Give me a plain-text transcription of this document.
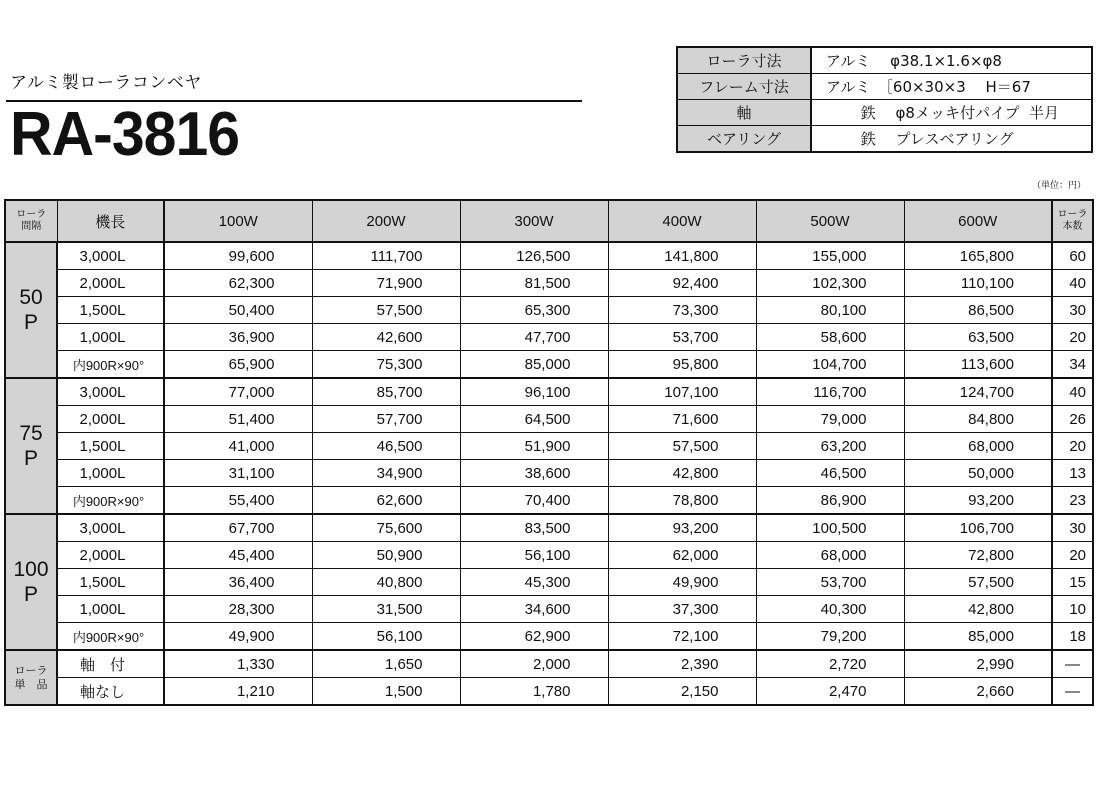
アルミ製ローラコンベヤ
RA-3816
ローラ寸法	アルミ　 φ38.1×1.6×φ8
フレーム寸法	アルミ　［60×30×3　 H＝67
軸	　　 鉄　 φ8メッキ付パイプ  半月
ベアリング	　　 鉄　 プレスベアリング
（単位：円）
ローラ
間隔	機長	100W	200W	300W	400W	500W	600W	ローラ
本数
50
P	3,000L	99,600	111,700	126,500	141,800	155,000	165,800	60
	2,000L	62,300	71,900	81,500	92,400	102,300	110,100	40
	1,500L	50,400	57,500	65,300	73,300	80,100	86,500	30
	1,000L	36,900	42,600	47,700	53,700	58,600	63,500	20
	内900R×90°	65,900	75,300	85,000	95,800	104,700	113,600	34
75
P	3,000L	77,000	85,700	96,100	107,100	116,700	124,700	40
	2,000L	51,400	57,700	64,500	71,600	79,000	84,800	26
	1,500L	41,000	46,500	51,900	57,500	63,200	68,000	20
	1,000L	31,100	34,900	38,600	42,800	46,500	50,000	13
	内900R×90°	55,400	62,600	70,400	78,800	86,900	93,200	23
100
P	3,000L	67,700	75,600	83,500	93,200	100,500	106,700	30
	2,000L	45,400	50,900	56,100	62,000	68,000	72,800	20
	1,500L	36,400	40,800	45,300	49,900	53,700	57,500	15
	1,000L	28,300	31,500	34,600	37,300	40,300	42,800	10
	内900R×90°	49,900	56,100	62,900	72,100	79,200	85,000	18
ローラ
単　品	軸　付	1,330	1,650	2,000	2,390	2,720	2,990	—
	軸なし	1,210	1,500	1,780	2,150	2,470	2,660	—
